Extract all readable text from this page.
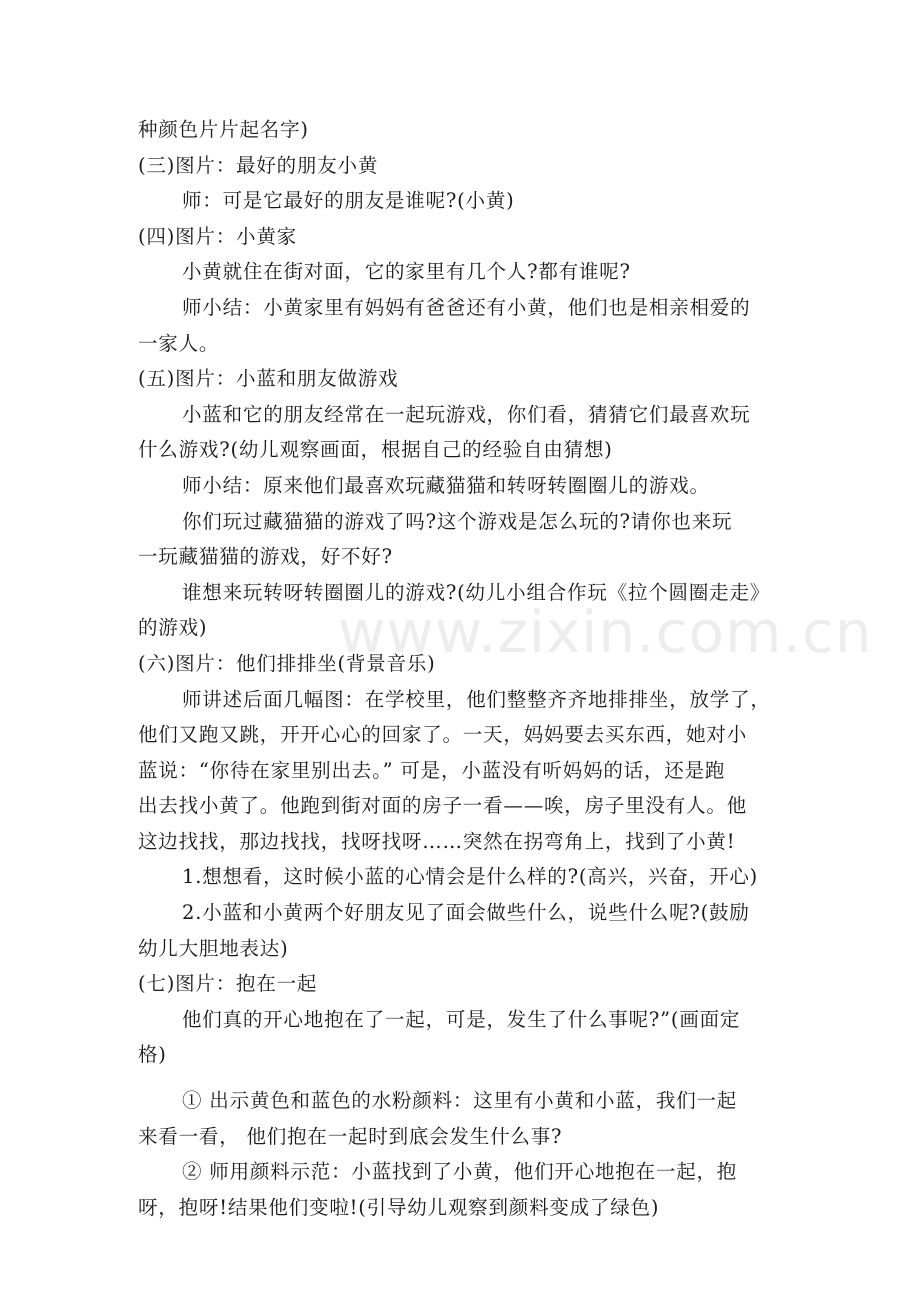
种颜色片片起名字)
(三)图片：最好的朋友小黄
师：可是它最好的朋友是谁呢?(小黄)
(四)图片：小黄家
小黄就住在街对面，它的家里有几个人?都有谁呢?
师小结：小黄家里有妈妈有爸爸还有小黄，他们也是相亲相爱的
一家人。
(五)图片：小蓝和朋友做游戏
小蓝和它的朋友经常在一起玩游戏，你们看，猜猜它们最喜欢玩
什么游戏?(幼儿观察画面，根据自己的经验自由猜想)
师小结：原来他们最喜欢玩藏猫猫和转呀转圈圈儿的游戏。
你们玩过藏猫猫的游戏了吗?这个游戏是怎么玩的?请你也来玩
一玩藏猫猫的游戏，好不好?
谁想来玩转呀转圈圈儿的游戏?(幼儿小组合作玩《拉个圆圈走走》
的游戏)
(六)图片：他们排排坐(背景音乐)
师讲述后面几幅图：在学校里，他们整整齐齐地排排坐，放学了，
他们又跑又跳，开开心心的回家了。一天，妈妈要去买东西，她对小
蓝说：“你待在家里别出去。” 可是，小蓝没有听妈妈的话，还是跑
出去找小黄了。他跑到街对面的房子一看——唉，房子里没有人。他
这边找找，那边找找，找呀找呀……突然在拐弯角上，找到了小黄!
1.想想看，这时候小蓝的心情会是什么样的?(高兴，兴奋，开心)
2.小蓝和小黄两个好朋友见了面会做些什么，说些什么呢?(鼓励
幼儿大胆地表达)
(七)图片：抱在一起
他们真的开心地抱在了一起，可是，发生了什么事呢?”(画面定
格)
① 出示黄色和蓝色的水粉颜料：这里有小黄和小蓝，我们一起
来看一看， 他们抱在一起时到底会发生什么事?
② 师用颜料示范：小蓝找到了小黄，他们开心地抱在一起，抱
呀，抱呀!结果他们变啦!(引导幼儿观察到颜料变成了绿色)
www.zixin.com.cn
